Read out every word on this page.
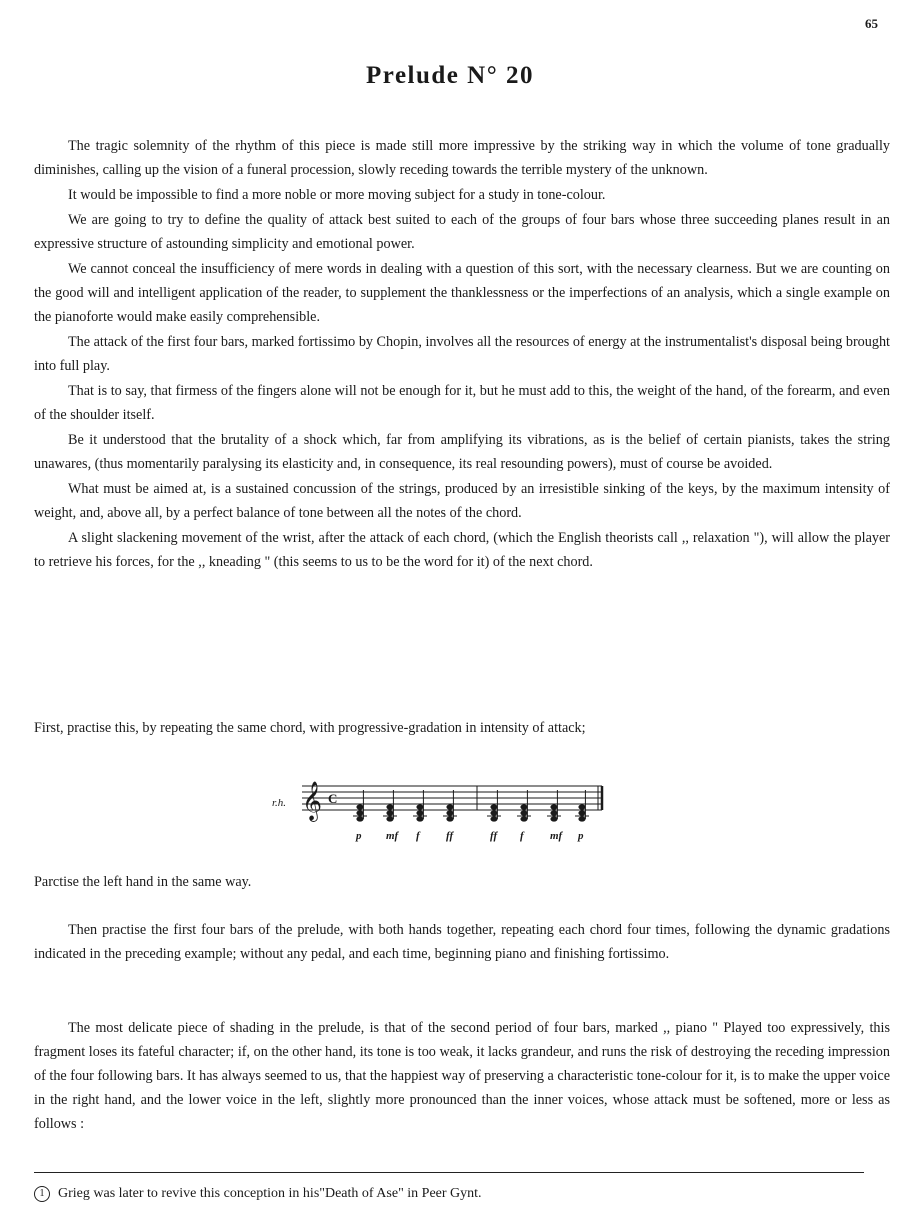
65
Prelude N° 20

The tragic solemnity of the rhythm of this piece is made still more impressive by the striking way in which the volume of tone gradually diminishes, calling up the vision of a funeral procession, slowly receding towards the terrible mystery of the unknown.

It would be impossible to find a more noble or more moving subject for a study in tone-colour.

We are going to try to define the quality of attack best suited to each of the groups of four bars whose three succeeding planes result in an expressive structure of astounding simplicity and emotional power.

We cannot conceal the insufficiency of mere words in dealing with a question of this sort, with the necessary clearness. But we are counting on the good will and intelligent application of the reader, to supplement the thanklessness or the imperfections of an analysis, which a single example on the pianoforte would make easily comprehensible.

The attack of the first four bars, marked fortissimo by Chopin, involves all the resources of energy at the instrumentalist's disposal being brought into full play.

That is to say, that firmess of the fingers alone will not be enough for it, but he must add to this, the weight of the hand, of the forearm, and even of the shoulder itself.

Be it understood that the brutality of a shock which, far from amplifying its vibrations, as is the belief of certain pianists, takes the string unawares, (thus momentarily paralysing its elasticity and, in consequence, its real resounding powers), must of course be avoided.

What must be aimed at, is a sustained concussion of the strings, produced by an irresistible sinking of the keys, by the maximum intensity of weight, and, above all, by a perfect balance of tone between all the notes of the chord.

A slight slackening movement of the wrist, after the attack of each chord, (which the English theorists call ,, relaxation "), will allow the player to retrieve his forces, for the ,, kneading " (this seems to us to be the word for it) of the next chord.

First, practise this, by repeating the same chord, with progressive-gradation in intensity of attack;

r.h. 𝄞 C
p mf f ff	ff f mf p

Parctise the left hand in the same way.

Then practise the first four bars of the prelude, with both hands together, repeating each chord four times, following the dynamic gradations indicated in the preceding example; without any pedal, and each time, beginning piano and finishing fortissimo.

The most delicate piece of shading in the prelude, is that of the second period of four bars, marked ,, piano " Played too expressively, this fragment loses its fateful character; if, on the other hand, its tone is too weak, it lacks grandeur, and runs the risk of destroying the receding impression of the four following bars. It has always seemed to us, that the happiest way of preserving a characteristic tone-colour for it, is to make the upper voice in the right hand, and the lower voice in the left, slightly more pronounced than the inner voices, whose attack must be softened, more or less as follows :

1 Grieg was later to revive this conception in his"Death of Ase" in Peer Gynt.
